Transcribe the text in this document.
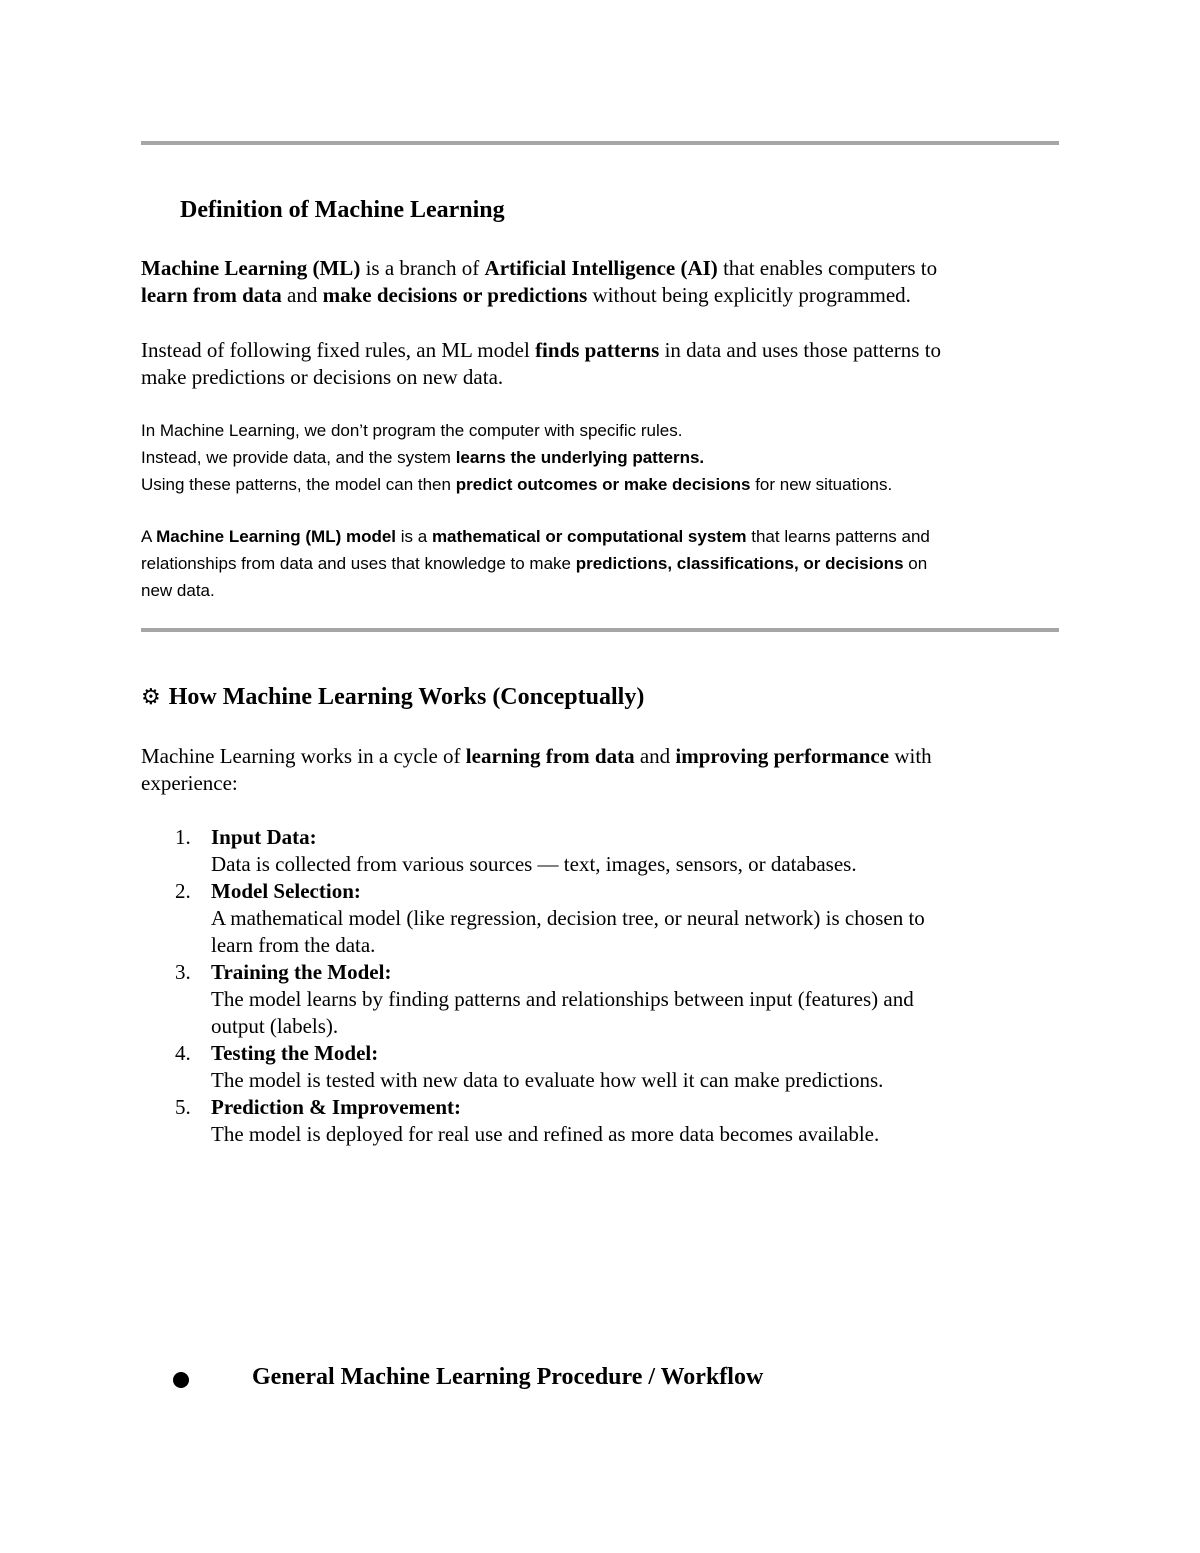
Definition of Machine Learning

Machine Learning (ML) is a branch of Artificial Intelligence (AI) that enables computers to

learn from data and make decisions or predictions without being explicitly programmed.

Instead of following fixed rules, an ML model finds patterns in data and uses those patterns to

make predictions or decisions on new data.

In Machine Learning, we don’t program the computer with specific rules.

Instead, we provide data, and the system learns the underlying patterns.

Using these patterns, the model can then predict outcomes or make decisions for new situations.

A Machine Learning (ML) model is a mathematical or computational system that learns patterns and

relationships from data and uses that knowledge to make predictions, classifications, or decisions on

new data.

⚙ How Machine Learning Works (Conceptually)

Machine Learning works in a cycle of learning from data and improving performance with

experience:

1. Input Data:
Data is collected from various sources — text, images, sensors, or databases.
2. Model Selection:
A mathematical model (like regression, decision tree, or neural network) is chosen to
learn from the data.
3. Training the Model:
The model learns by finding patterns and relationships between input (features) and
output (labels).
4. Testing the Model:
The model is tested with new data to evaluate how well it can make predictions.
5. Prediction & Improvement:
The model is deployed for real use and refined as more data becomes available.
General Machine Learning Procedure / Workflow
